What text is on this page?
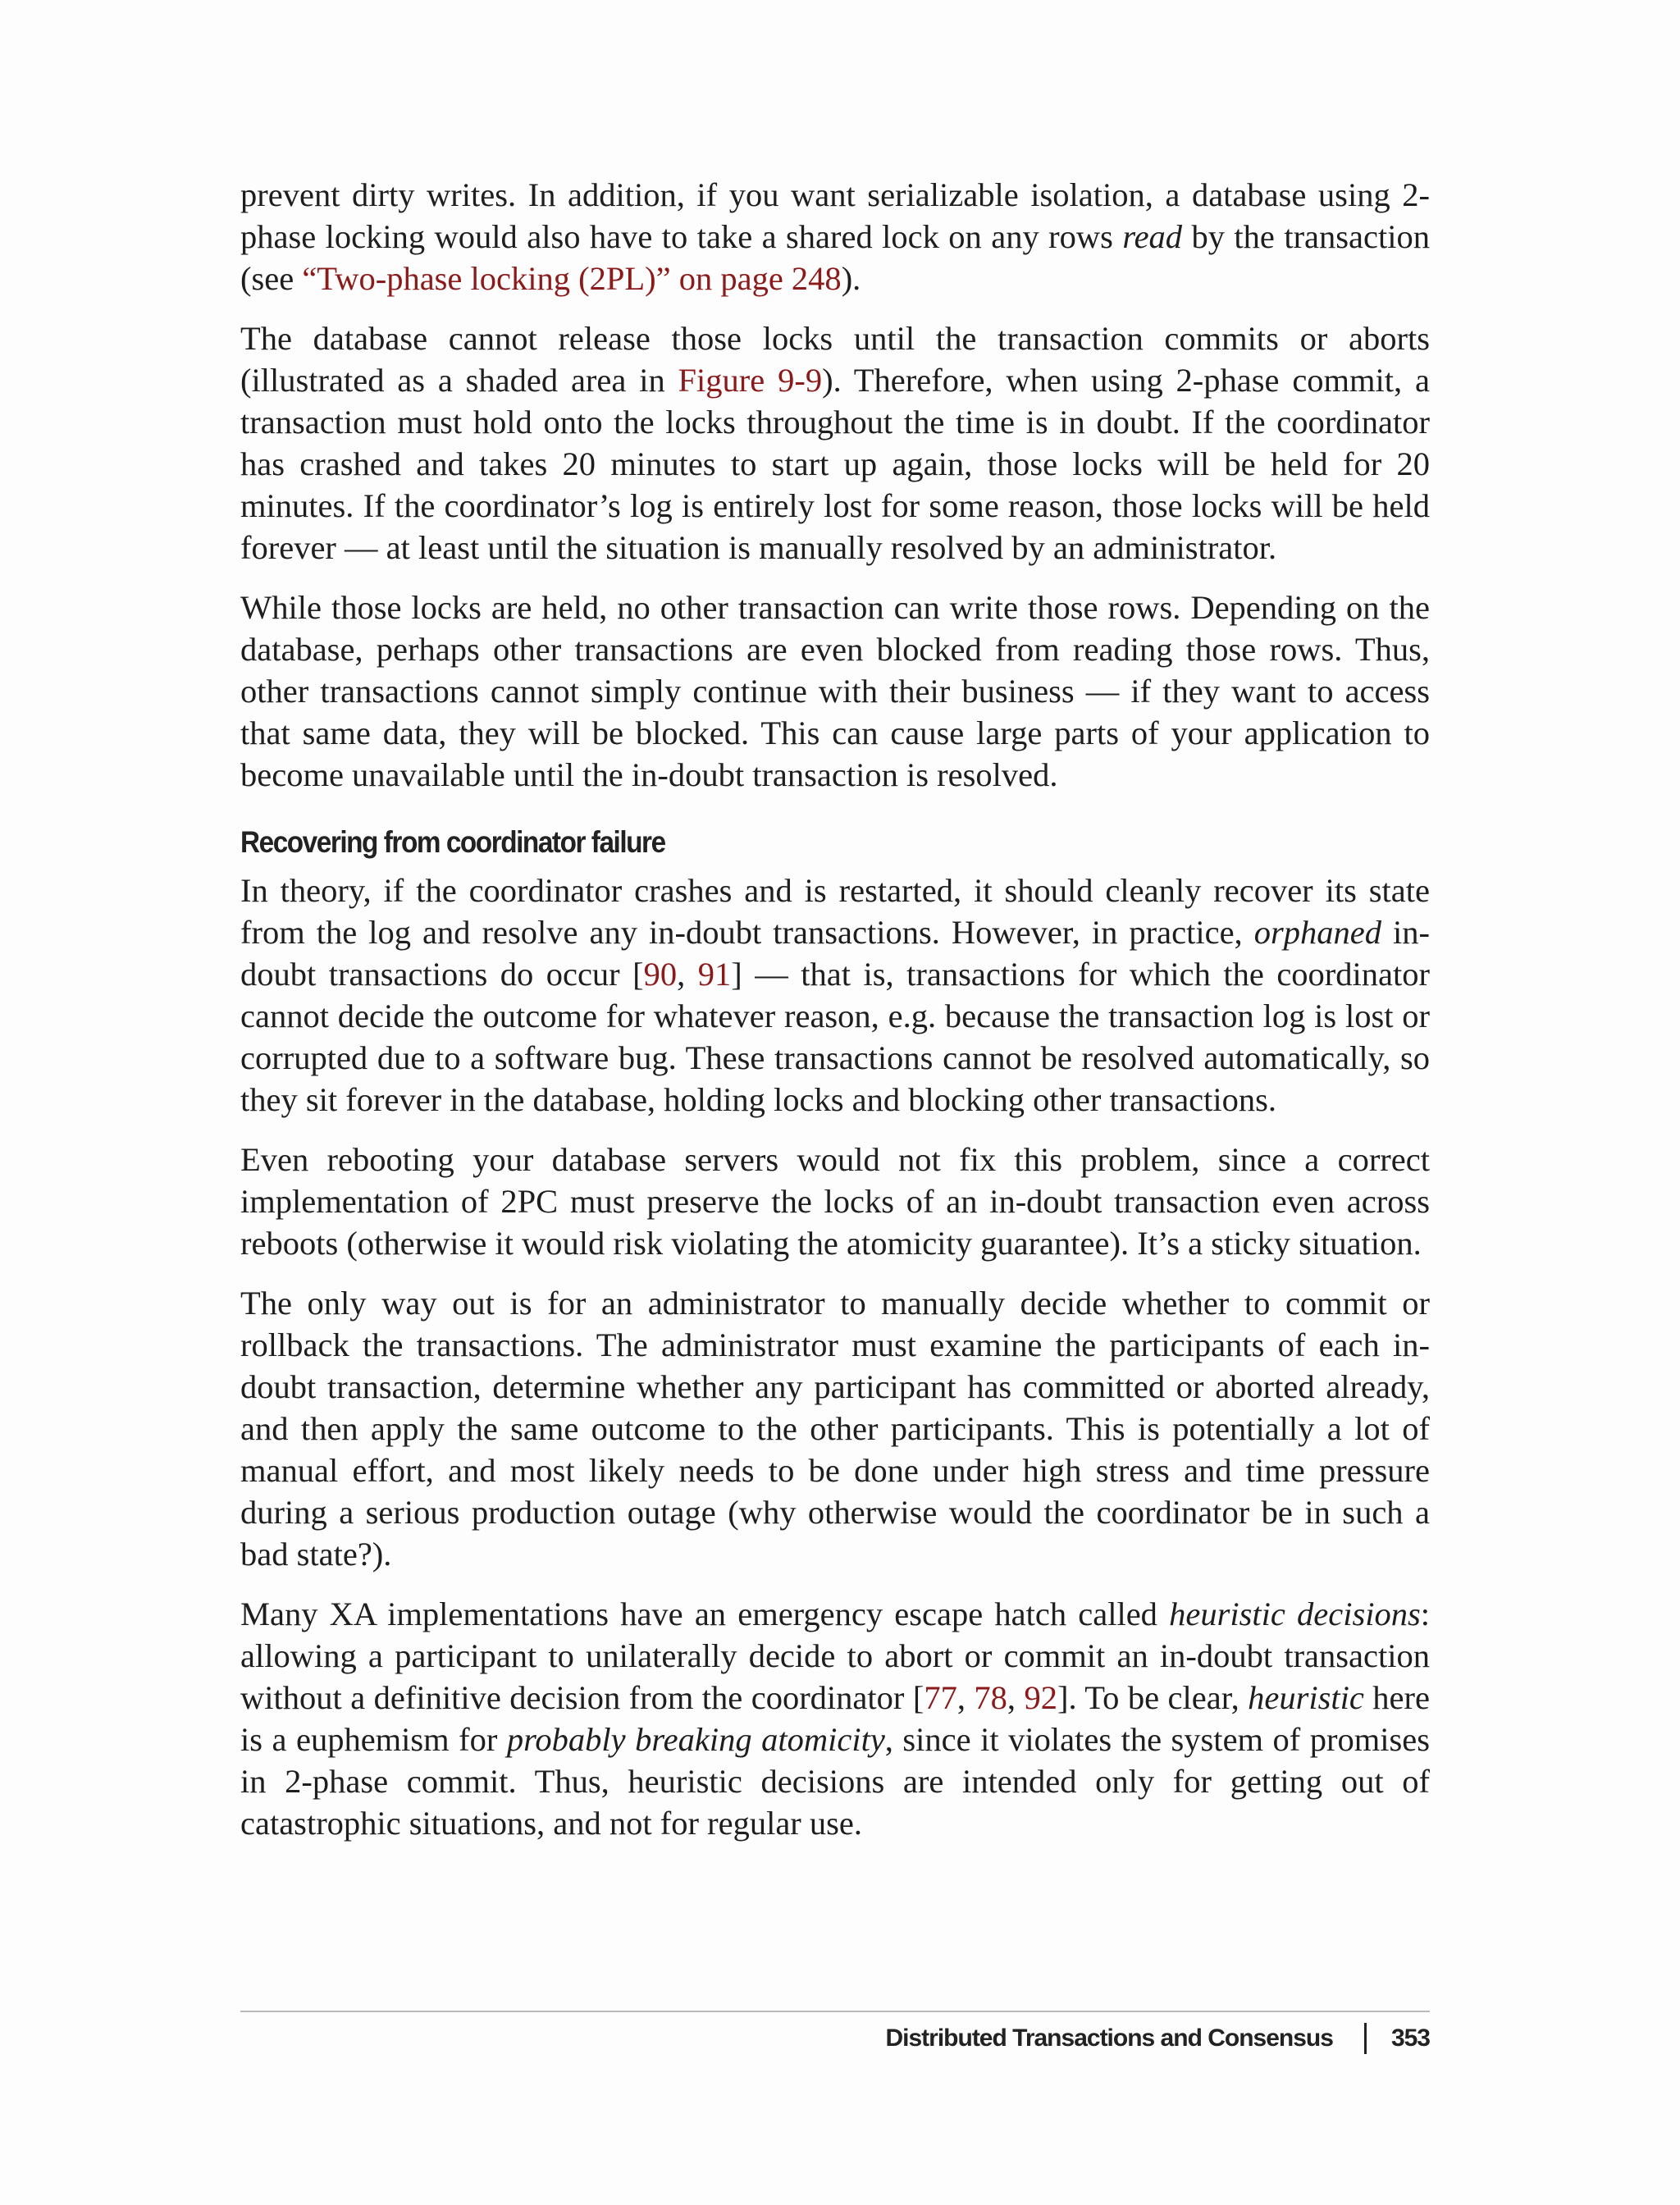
prevent dirty writes. In addition, if you want serializable isolation, a database using 2-phase locking would also have to take a shared lock on any rows read by the transaction (see “Two-phase locking (2PL)” on page 248).

The database cannot release those locks until the transaction commits or aborts (illustrated as a shaded area in Figure 9-9). Therefore, when using 2-phase commit, a transaction must hold onto the locks throughout the time is in doubt. If the coordinator has crashed and takes 20 minutes to start up again, those locks will be held for 20 minutes. If the coordinator’s log is entirely lost for some reason, those locks will be held forever — at least until the situation is manually resolved by an administrator.

While those locks are held, no other transaction can write those rows. Depending on the database, perhaps other transactions are even blocked from reading those rows. Thus, other transactions cannot simply continue with their business — if they want to access that same data, they will be blocked. This can cause large parts of your application to become unavailable until the in-doubt transaction is resolved.

Recovering from coordinator failure

In theory, if the coordinator crashes and is restarted, it should cleanly recover its state from the log and resolve any in-doubt transactions. However, in practice, orphaned in-doubt transactions do occur [90, 91] — that is, transactions for which the coordinator cannot decide the outcome for whatever reason, e.g. because the transaction log is lost or corrupted due to a software bug. These transactions cannot be resolved automatically, so they sit forever in the database, holding locks and blocking other transactions.

Even rebooting your database servers would not fix this problem, since a correct implementation of 2PC must preserve the locks of an in-doubt transaction even across reboots (otherwise it would risk violating the atomicity guarantee). It’s a sticky situation.

The only way out is for an administrator to manually decide whether to commit or rollback the transactions. The administrator must examine the participants of each in-doubt transaction, determine whether any participant has committed or aborted already, and then apply the same outcome to the other participants. This is potentially a lot of manual effort, and most likely needs to be done under high stress and time pressure during a serious production outage (why otherwise would the coordinator be in such a bad state?).

Many XA implementations have an emergency escape hatch called heuristic decisions: allowing a participant to unilaterally decide to abort or commit an in-doubt transaction without a definitive decision from the coordinator [77, 78, 92]. To be clear, heuristic here is a euphemism for probably breaking atomicity, since it violates the system of promises in 2-phase commit. Thus, heuristic decisions are intended only for getting out of catastrophic situations, and not for regular use.

Distributed Transactions and Consensus 353
